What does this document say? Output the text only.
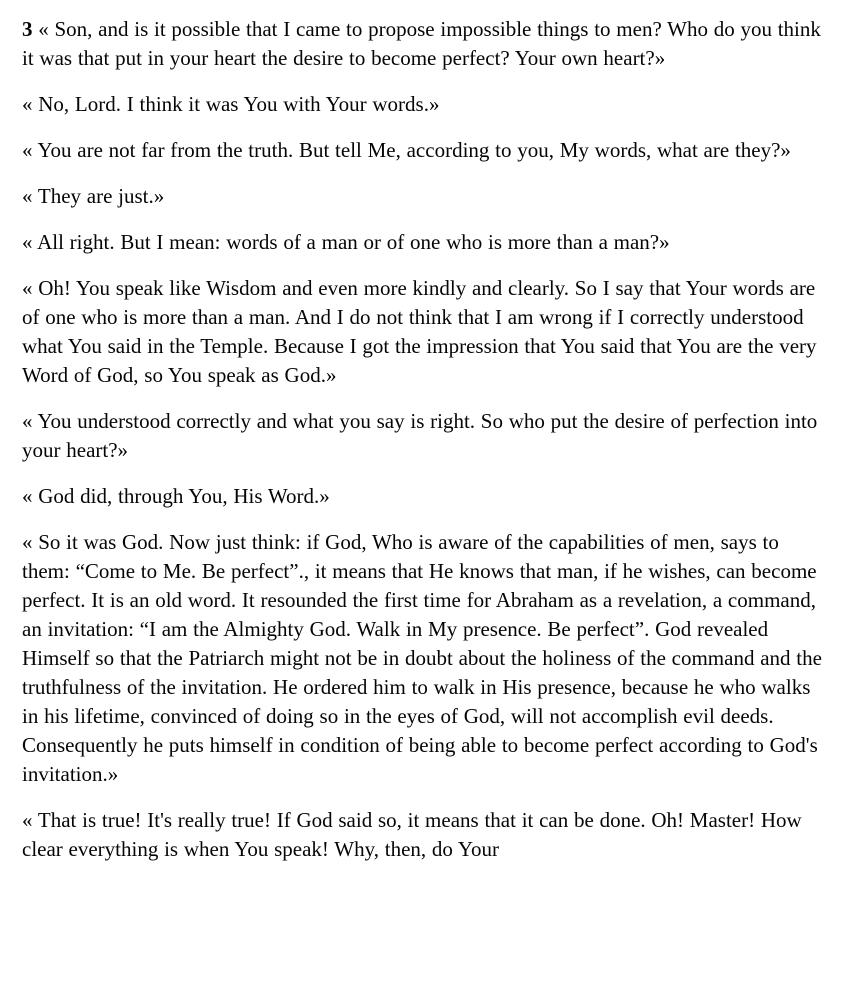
3 « Son, and is it possible that I came to propose impossible things to men? Who do you think it was that put in your heart the desire to become perfect? Your own heart?»

« No, Lord. I think it was You with Your words.»

« You are not far from the truth. But tell Me, according to you, My words, what are they?»

« They are just.»

« All right. But I mean: words of a man or of one who is more than a man?»

« Oh! You speak like Wisdom and even more kindly and clearly. So I say that Your words are of one who is more than a man. And I do not think that I am wrong if I correctly understood what You said in the Temple. Because I got the impression that You said that You are the very Word of God, so You speak as God.»

« You understood correctly and what you say is right. So who put the desire of perfection into your heart?»

« God did, through You, His Word.»

« So it was God. Now just think: if God, Who is aware of the capabilities of men, says to them: “Come to Me. Be perfect”., it means that He knows that man, if he wishes, can become perfect. It is an old word. It resounded the first time for Abraham as a revelation, a command, an invitation: “I am the Almighty God. Walk in My presence. Be perfect”. God revealed Himself so that the Patriarch might not be in doubt about the holiness of the command and the truthfulness of the invitation. He ordered him to walk in His presence, because he who walks in his lifetime, convinced of doing so in the eyes of God, will not accomplish evil deeds. Consequently he puts himself in condition of being able to become perfect according to God's invitation.»

« That is true! It's really true! If God said so, it means that it can be done. Oh! Master! How clear everything is when You speak! Why, then, do Your
